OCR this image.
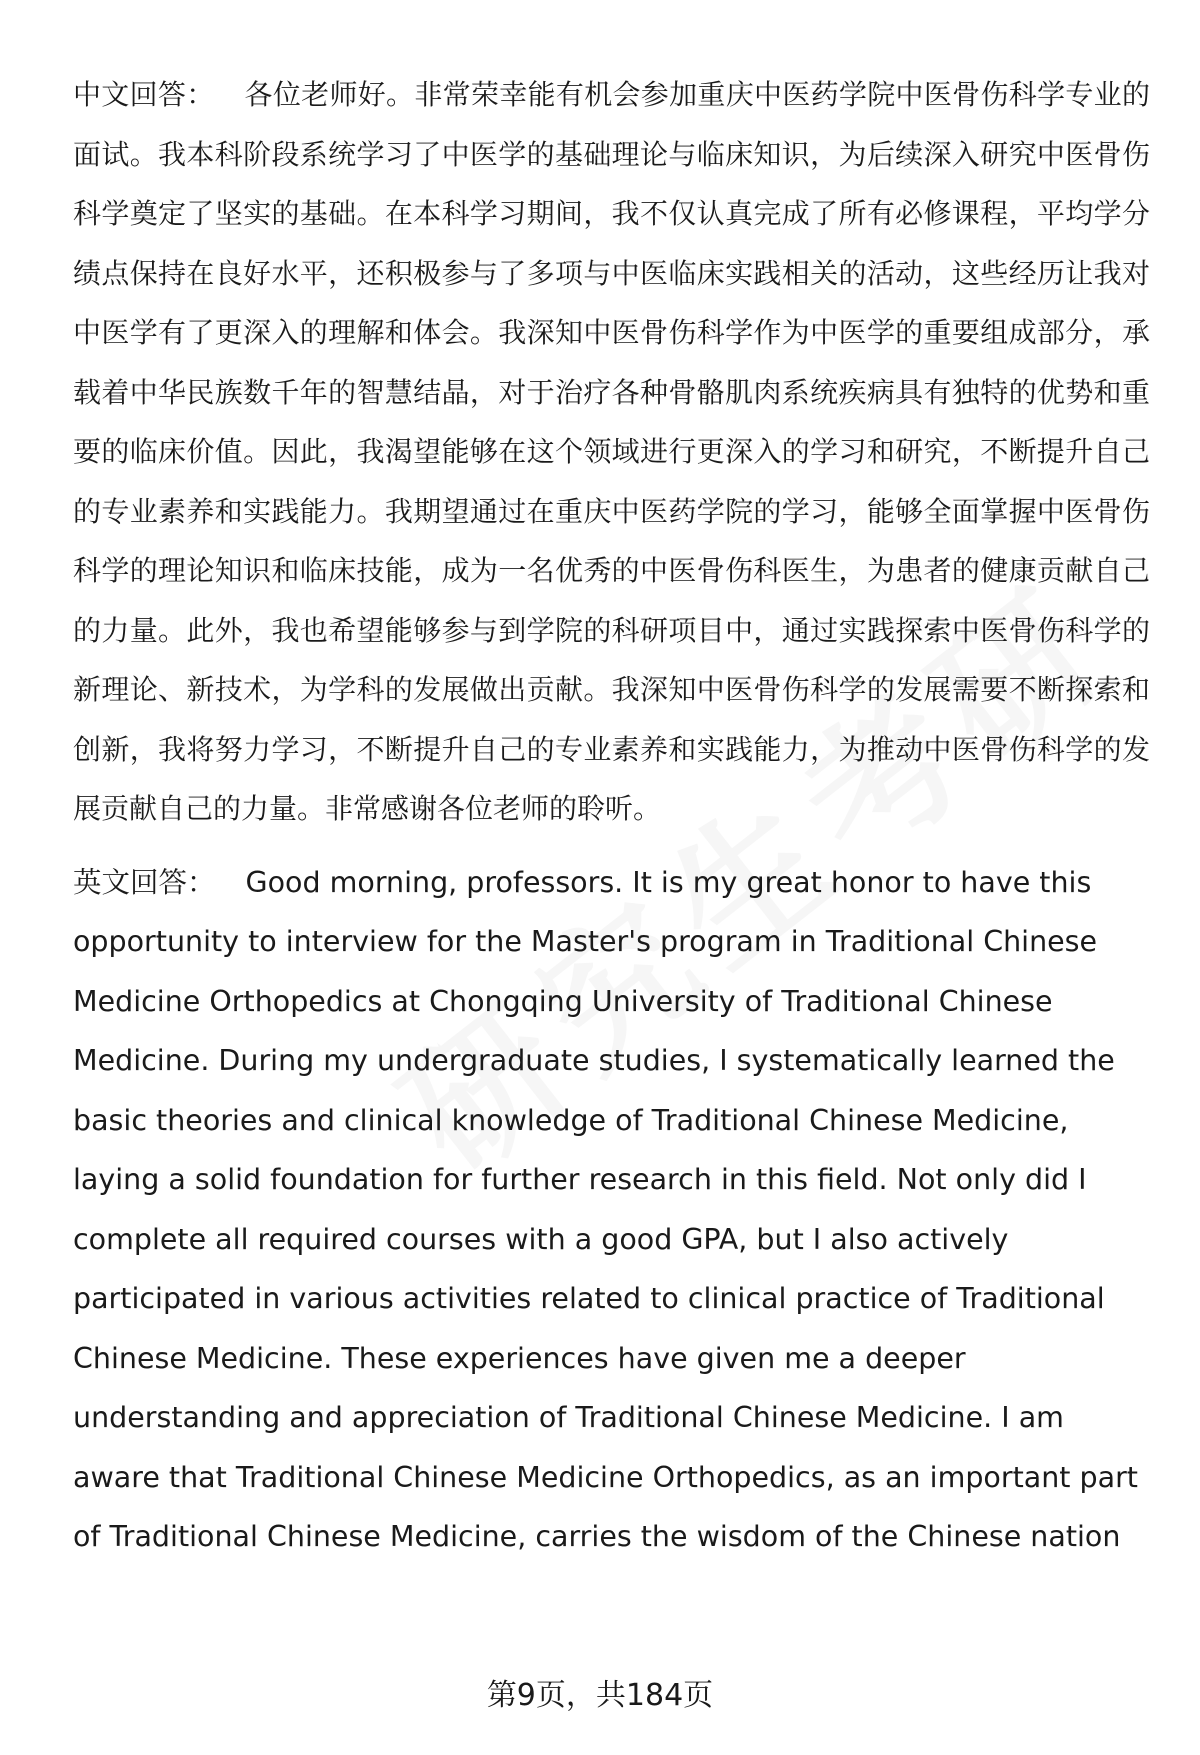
中文回答： 各位老师好。非常荣幸能有机会参加重庆中医药学院中医骨伤科学专业的面试。我本科阶段系统学习了中医学的基础理论与临床知识，为后续深入研究中医骨伤科学奠定了坚实的基础。在本科学习期间，我不仅认真完成了所有必修课程，平均学分绩点保持在良好水平，还积极参与了多项与中医临床实践相关的活动，这些经历让我对中医学有了更深入的理解和体会。我深知中医骨伤科学作为中医学的重要组成部分，承载着中华民族数千年的智慧结晶，对于治疗各种骨骼肌肉系统疾病具有独特的优势和重要的临床价值。因此，我渴望能够在这个领域进行更深入的学习和研究，不断提升自己的专业素养和实践能力。我期望通过在重庆中医药学院的学习，能够全面掌握中医骨伤科学的理论知识和临床技能，成为一名优秀的中医骨伤科医生，为患者的健康贡献自己的力量。此外，我也希望能够参与到学院的科研项目中，通过实践探索中医骨伤科学的新理论、新技术，为学科的发展做出贡献。我深知中医骨伤科学的发展需要不断探索和创新，我将努力学习，不断提升自己的专业素养和实践能力，为推动中医骨伤科学的发展贡献自己的力量。非常感谢各位老师的聆听。

英文回答： Good morning, professors. It is my great honor to have this opportunity to interview for the Master's program in Traditional Chinese Medicine Orthopedics at Chongqing University of Traditional Chinese Medicine. During my undergraduate studies, I systematically learned the basic theories and clinical knowledge of Traditional Chinese Medicine, laying a solid foundation for further research in this field. Not only did I complete all required courses with a good GPA, but I also actively participated in various activities related to clinical practice of Traditional Chinese Medicine. These experiences have given me a deeper understanding and appreciation of Traditional Chinese Medicine. I am aware that Traditional Chinese Medicine Orthopedics, as an important part of Traditional Chinese Medicine, carries the wisdom of the Chinese nation

第9页，共184页
